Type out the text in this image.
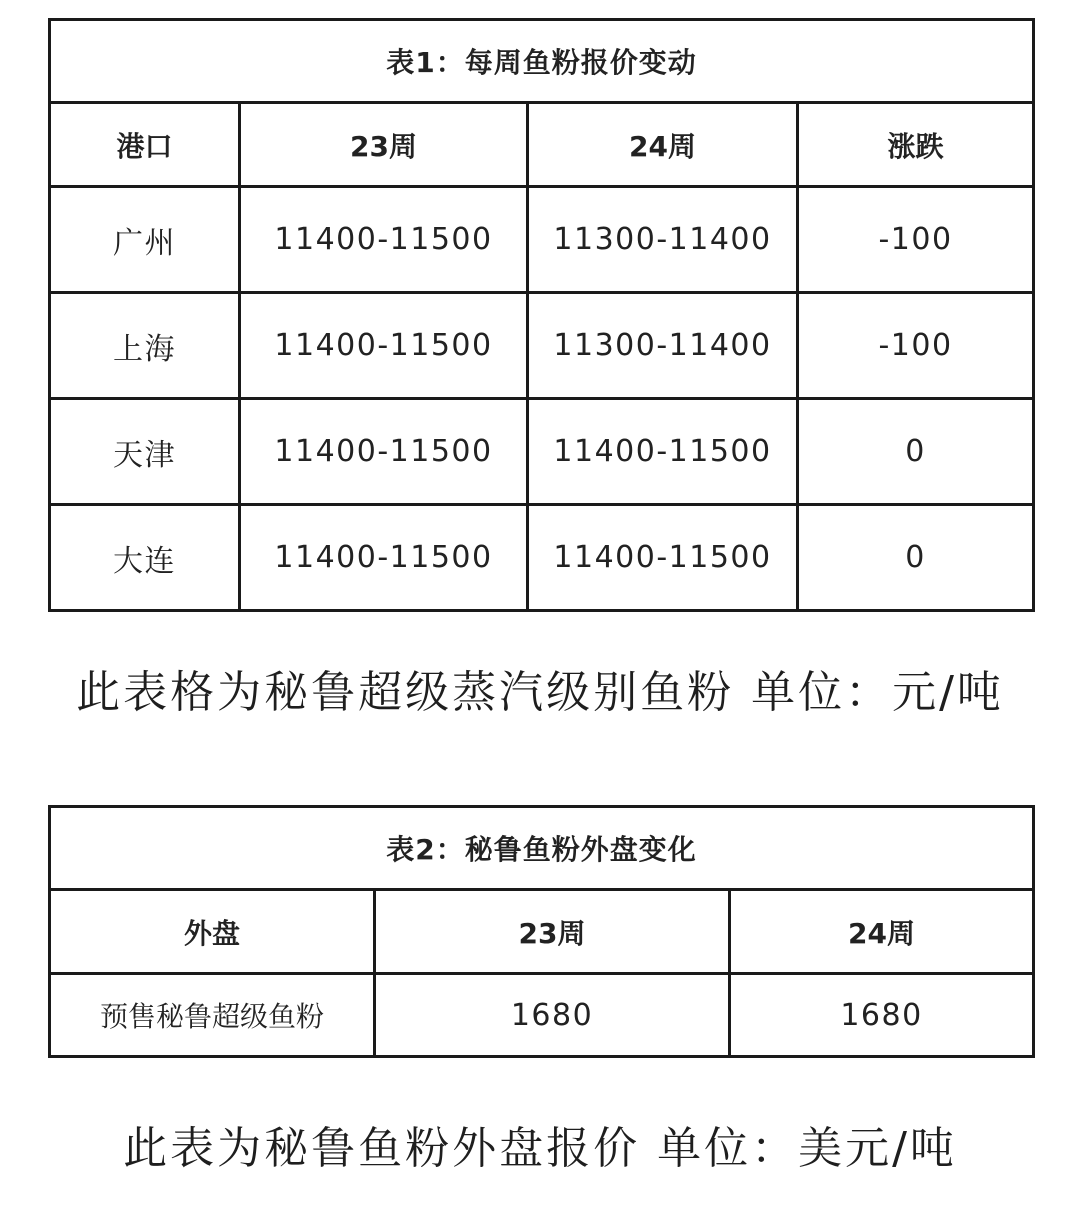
表1：每周鱼粉报价变动			
港口	23周	24周	涨跌
广州	11400-11500	11300-11400	-100
上海	11400-11500	11300-11400	-100
天津	11400-11500	11400-11500	0
大连	11400-11500	11400-11500	0
此表格为秘鲁超级蒸汽级别鱼粉 单位：元/吨
表2：秘鲁鱼粉外盘变化		
外盘	23周	24周
预售秘鲁超级鱼粉	1680	1680
此表为秘鲁鱼粉外盘报价 单位：美元/吨
